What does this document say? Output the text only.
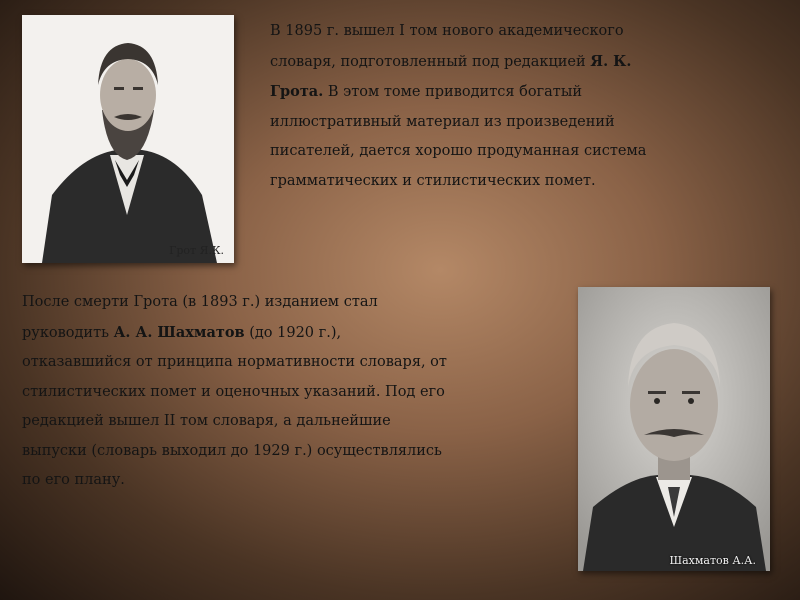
Грот Я.К.
В 1895 г. вышел I том нового академического
словаря, подготовленный под редакцией Я. К.
Грота. В этом томе приводится богатый
иллюстративный материал из произведений
писателей, дается хорошо продуманная система
грамматических и стилистических помет.
После смерти Грота (в 1893 г.) изданием стал
руководить А. А. Шахматов (до 1920 г.),
отказавшийся от принципа нормативности словаря, от
стилистических помет и оценочных указаний. Под его
редакцией вышел II том словаря, а дальнейшие
выпуски (словарь выходил до 1929 г.) осуществлялись
по его плану.
Шахматов А.А.
